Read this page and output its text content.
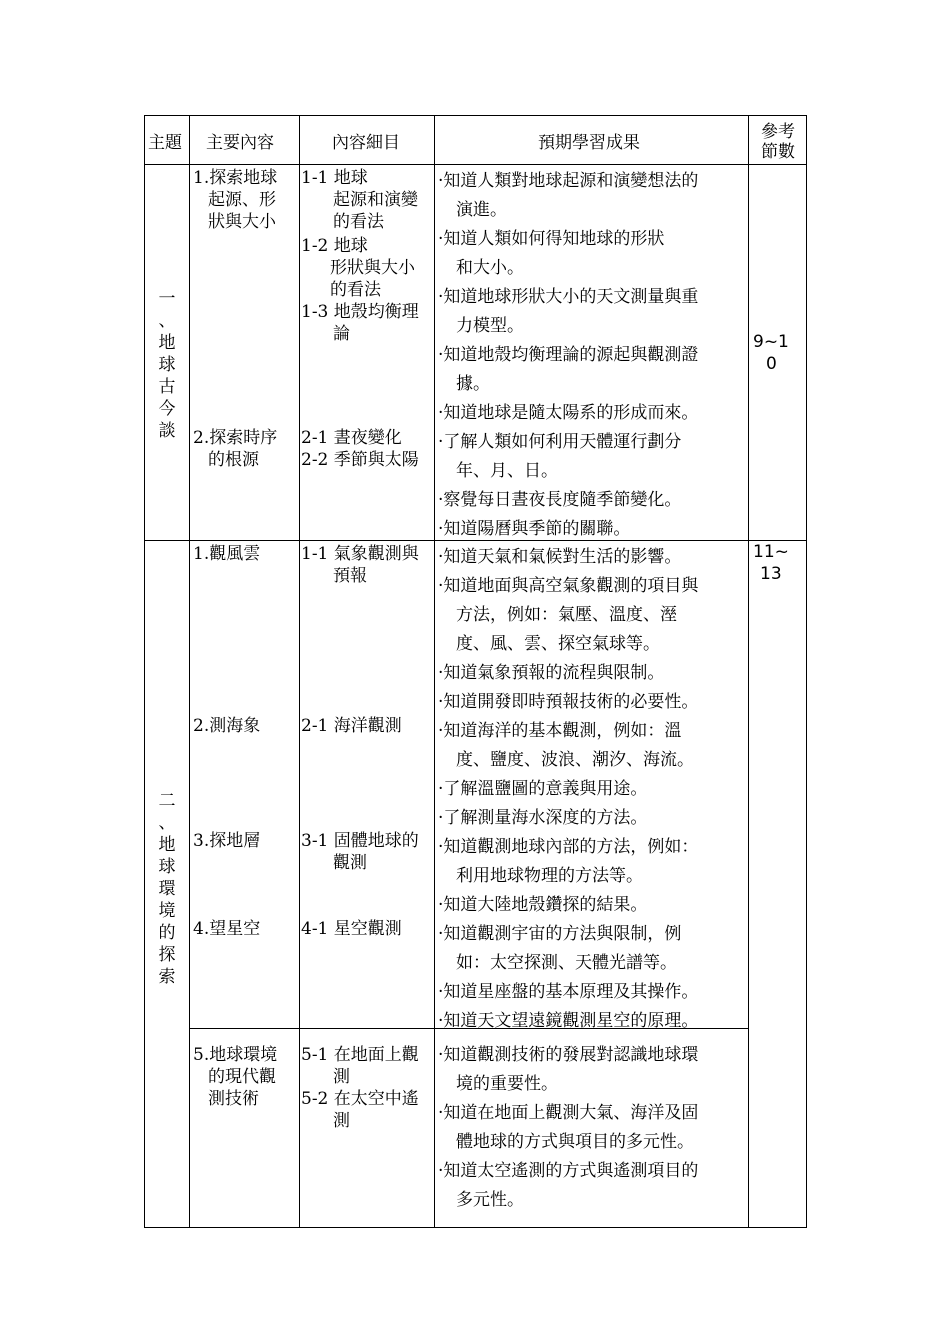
主題 主要內容	內容細目	預期學習成果
參考
節數
一
、
地
球
古
今
談
1.探索地球
起源、形
狀與大小
2.探索時序
的根源
1-1 地球
起源和演變
的看法
1-2 地球
形狀與大小
的看法
1-3 地殼均衡理
論
2-1 晝夜變化
2-2 季節與太陽
·知道人類對地球起源和演變想法的
演進。
·知道人類如何得知地球的形狀
和大小。
·知道地球形狀大小的天文測量與重
力模型。
·知道地殼均衡理論的源起與觀測證
據。
·知道地球是隨太陽系的形成而來。
·了解人類如何利用天體運行劃分
年、月、日。
·察覺每日晝夜長度隨季節變化。
·知道陽曆與季節的關聯。
9~1
0
二
、
地
球
環
境
的
探
索
1.觀風雲
2.測海象
3.探地層
4.望星空
5.地球環境
的現代觀
測技術
1-1 氣象觀測與
預報
2-1 海洋觀測
3-1 固體地球的
觀測
4-1 星空觀測
5-1 在地面上觀
測
5-2 在太空中遙
測
·知道天氣和氣候對生活的影響。
·知道地面與高空氣象觀測的項目與
方法，例如：氣壓、溫度、溼
度、風、雲、探空氣球等。
·知道氣象預報的流程與限制。
·知道開發即時預報技術的必要性。
·知道海洋的基本觀測，例如：溫
度、鹽度、波浪、潮汐、海流。
·了解溫鹽圖的意義與用途。
·了解測量海水深度的方法。
·知道觀測地球內部的方法，例如：
利用地球物理的方法等。
·知道大陸地殼鑽探的結果。
·知道觀測宇宙的方法與限制，例
如：太空探測、天體光譜等。
·知道星座盤的基本原理及其操作。
·知道天文望遠鏡觀測星空的原理。
·知道觀測技術的發展對認識地球環
境的重要性。
·知道在地面上觀測大氣、海洋及固
體地球的方式與項目的多元性。
·知道太空遙測的方式與遙測項目的
多元性。
11~
13
